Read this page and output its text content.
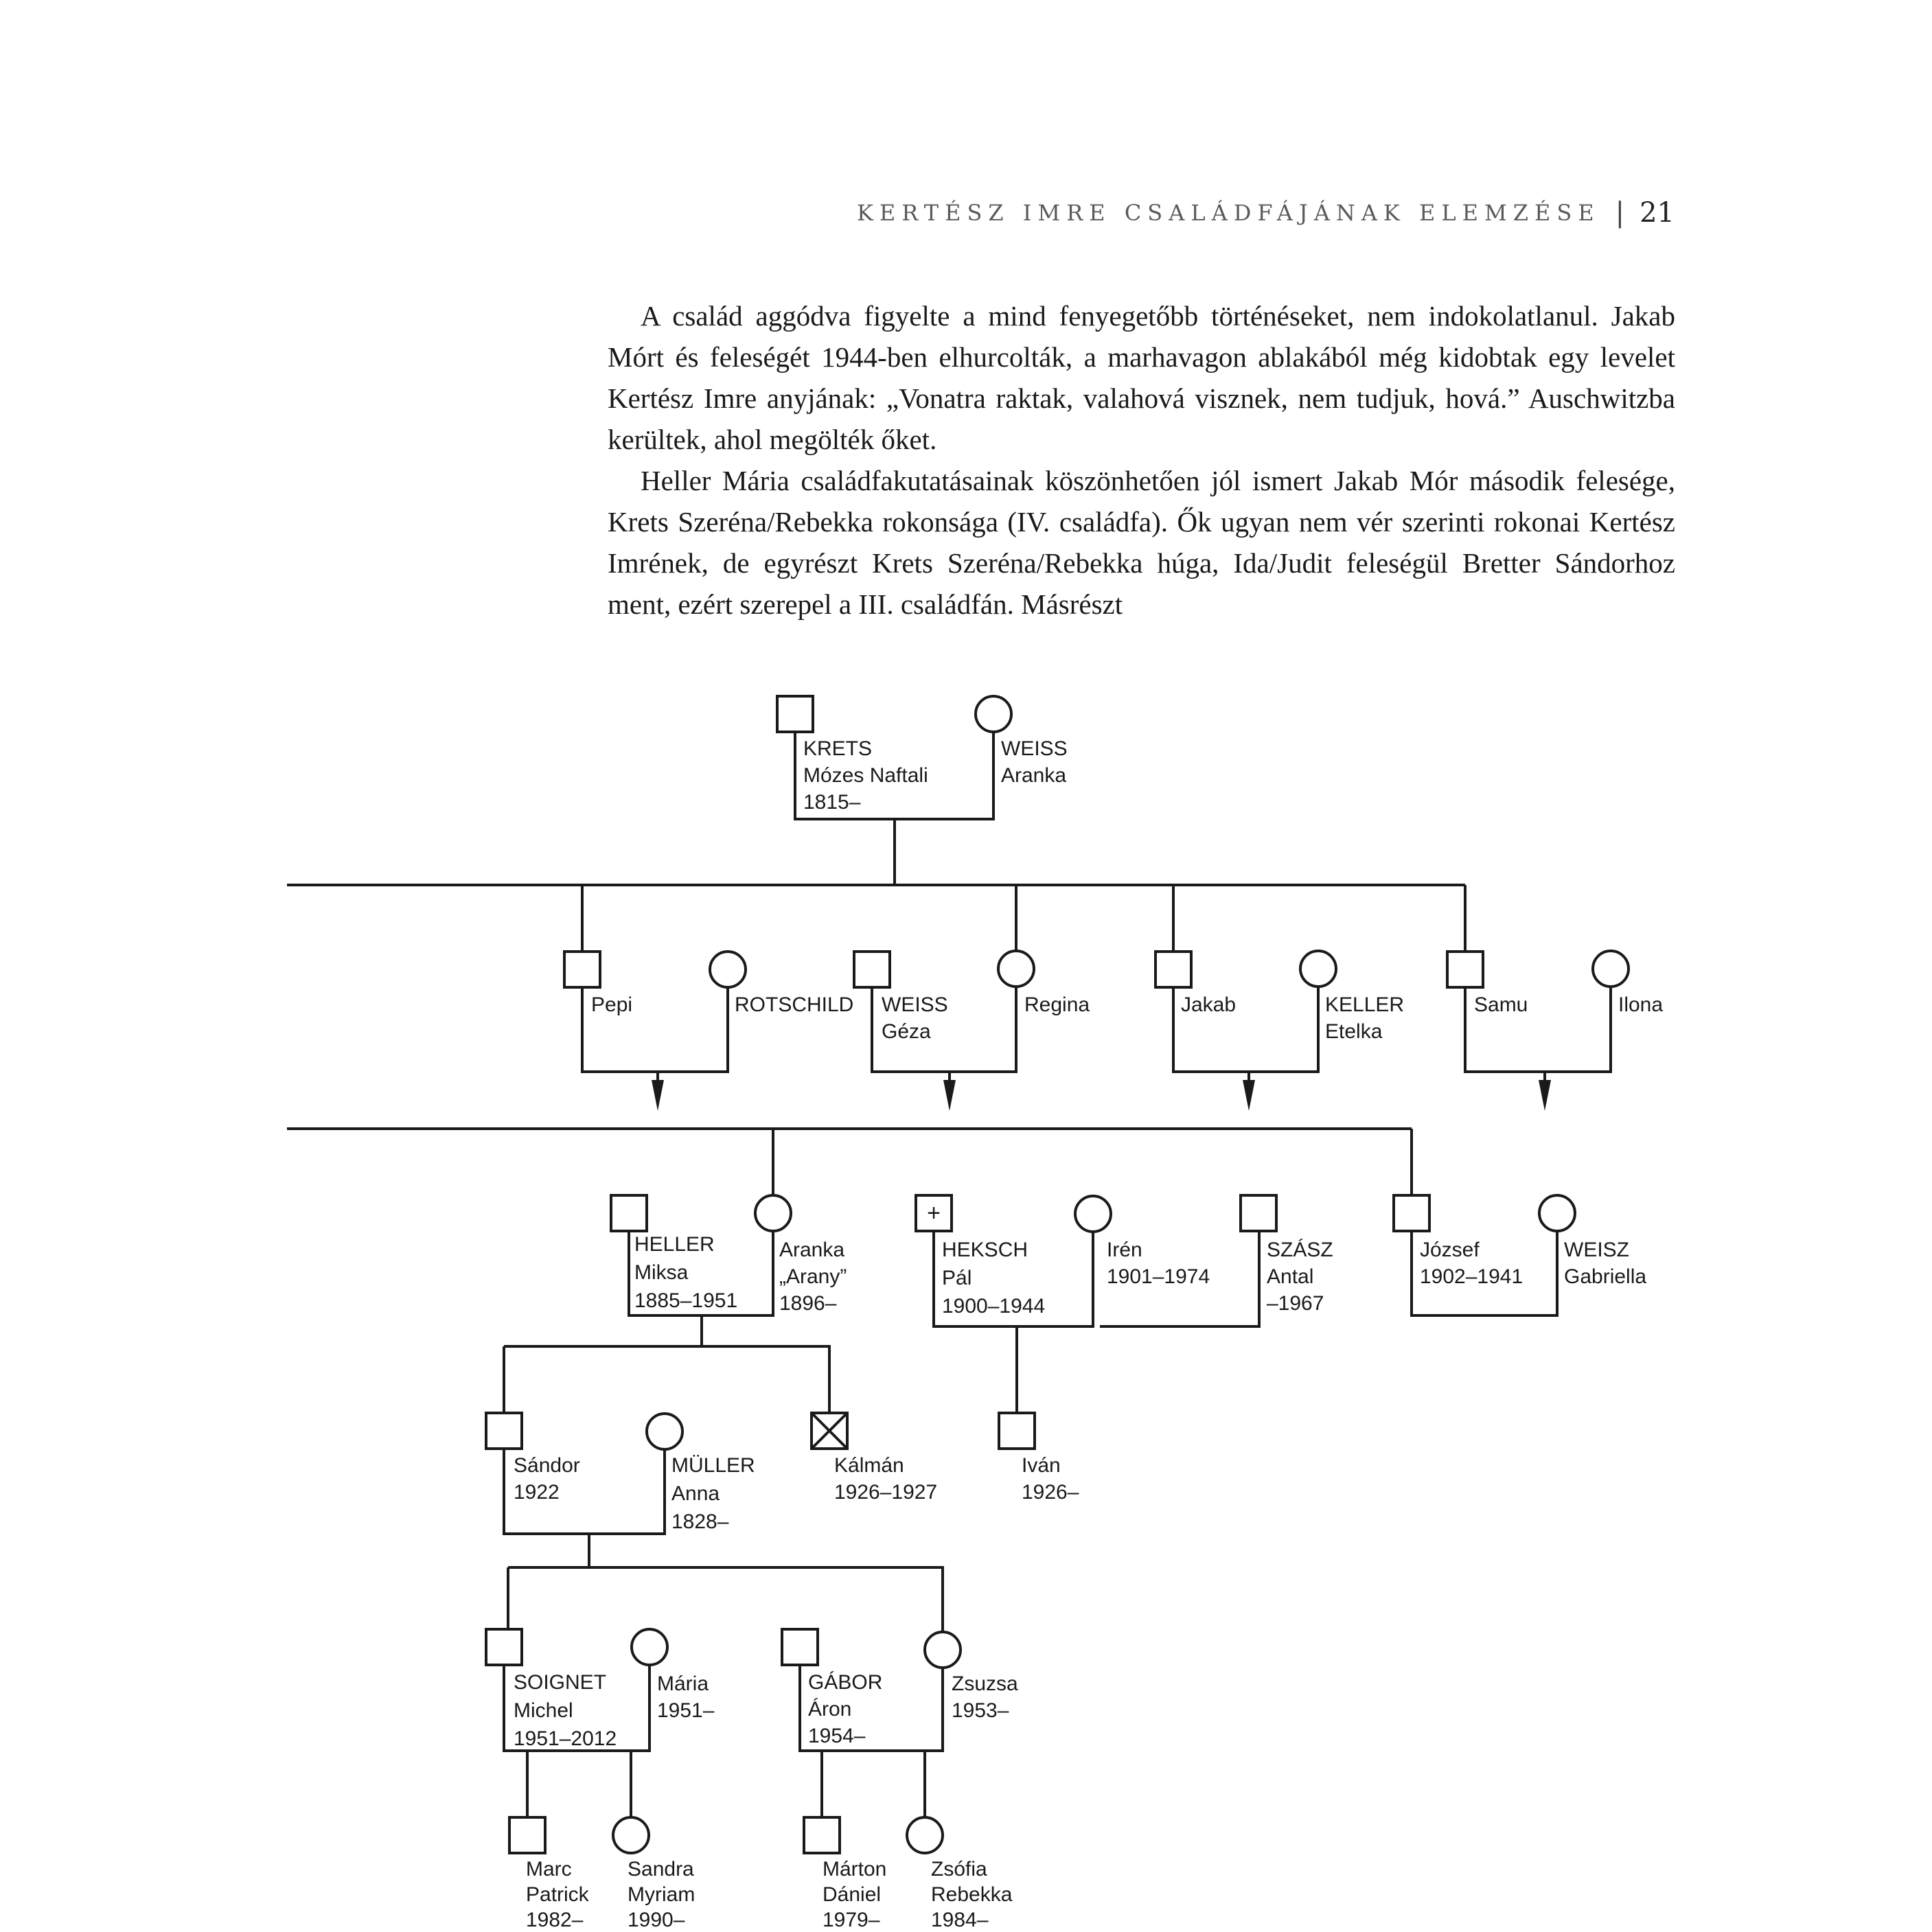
KERTÉSZ IMRE CSALÁDFÁJÁNAK ELEMZÉSE | 21

A család aggódva figyelte a mind fenyegetőbb történéseket, nem indokolatlanul. Jakab Mórt és feleségét 1944-ben elhurcolták, a marhavagon ablakából még kidobtak egy levelet Kertész Imre anyjának: „Vonatra raktak, valahová visznek, nem tudjuk, hová.” Auschwitzba kerültek, ahol megölték őket.

Heller Mária családfakutatásainak köszönhetően jól ismert Jakab Mór második felesége, Krets Szeréna/Rebekka rokonsága (IV. családfa). Ők ugyan nem vér szerinti rokonai Kertész Imrének, de egyrészt Krets Szeréna/Rebekka húga, Ida/Judit feleségül Bretter Sándorhoz ment, ezért szerepel a III. családfán. Másrészt

+
KRETS Mózes Naftali 1815–
WEISS Aranka
Pepi	ROTSCHILD WEISS Géza
Regina	Jakab	KELLER Etelka
Samu	Ilona
HELLER Miksa 1885–1951
Aranka „Arany” 1896–
HEKSCH Pál 1900–1944
Irén 1901–1974
SZÁSZ Antal –1967
József 1902–1941
WEISZ Gabriella
Sándor 1922
MÜLLER Anna 1828–
Kálmán 1926–1927
Iván 1926–
SOIGNET Michel 1951–2012
Mária 1951–
GÁBOR Áron 1954–
Zsuzsa 1953–
Marc Patrick 1982–
Sandra Myriam 1990–
Márton Dániel 1979–
Zsófia Rebekka 1984–
